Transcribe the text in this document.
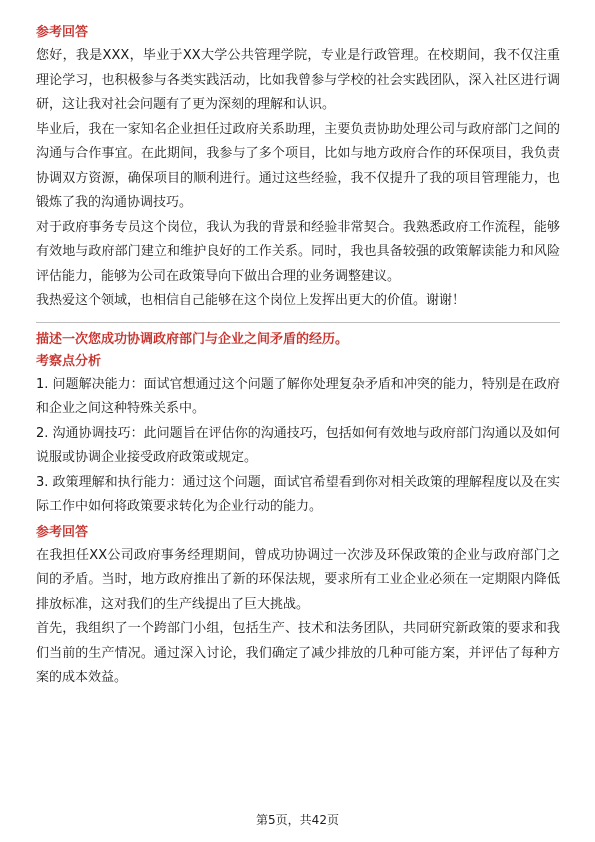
参考回答

您好，我是XXX，毕业于XX大学公共管理学院，专业是行政管理。在校期间，我不仅注重理论学习，也积极参与各类实践活动，比如我曾参与学校的社会实践团队，深入社区进行调研，这让我对社会问题有了更为深刻的理解和认识。

毕业后，我在一家知名企业担任过政府关系助理，主要负责协助处理公司与政府部门之间的沟通与合作事宜。在此期间，我参与了多个项目，比如与地方政府合作的环保项目，我负责协调双方资源，确保项目的顺利进行。通过这些经验，我不仅提升了我的项目管理能力，也锻炼了我的沟通协调技巧。

对于政府事务专员这个岗位，我认为我的背景和经验非常契合。我熟悉政府工作流程，能够有效地与政府部门建立和维护良好的工作关系。同时，我也具备较强的政策解读能力和风险评估能力，能够为公司在政策导向下做出合理的业务调整建议。

我热爱这个领域，也相信自己能够在这个岗位上发挥出更大的价值。谢谢！

描述一次您成功协调政府部门与企业之间矛盾的经历。

考察点分析

1. 问题解决能力：面试官想通过这个问题了解你处理复杂矛盾和冲突的能力，特别是在政府和企业之间这种特殊关系中。

2. 沟通协调技巧：此问题旨在评估你的沟通技巧，包括如何有效地与政府部门沟通以及如何说服或协调企业接受政府政策或规定。

3. 政策理解和执行能力：通过这个问题，面试官希望看到你对相关政策的理解程度以及在实际工作中如何将政策要求转化为企业行动的能力。

参考回答

在我担任XX公司政府事务经理期间，曾成功协调过一次涉及环保政策的企业与政府部门之间的矛盾。当时，地方政府推出了新的环保法规，要求所有工业企业必须在一定期限内降低排放标准，这对我们的生产线提出了巨大挑战。

首先，我组织了一个跨部门小组，包括生产、技术和法务团队，共同研究新政策的要求和我们当前的生产情况。通过深入讨论，我们确定了减少排放的几种可能方案，并评估了每种方案的成本效益。

第5页，共42页
